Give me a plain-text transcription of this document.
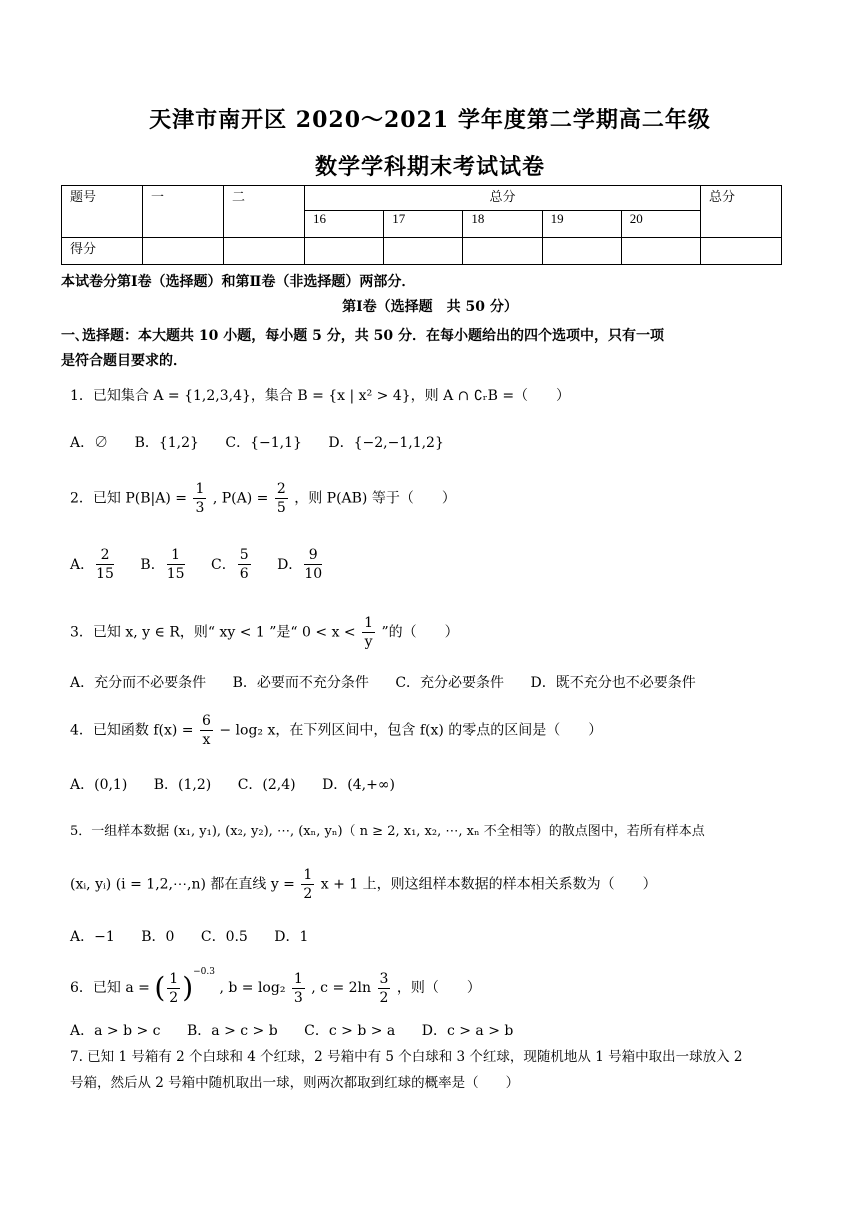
天津市南开区 2020～2021 学年度第二学期高二年级
数学学科期末考试试卷
题号	一	二	总分					总分
			16	17	18	19	20	
得分								
本试卷分第Ⅰ卷（选择题）和第Ⅱ卷（非选择题）两部分．
第Ⅰ卷（选择题　共 50 分）
一､选择题：本大题共 10 小题，每小题 5 分，共 50 分．在每小题给出的四个选项中，只有一项
是符合题目要求的．
1．已知集合 A = {1,2,3,4}，集合 B = {x | x² > 4}，则 A ∩ ∁ᵣB =（　　）
A．∅ B．{1,2} C．{−1,1} D．{−2,−1,1,2}
2．已知 $P(B|A) = \frac{1}{3}$ , $P(A) = \frac{2}{5}$ ，则 P(AB) 等于（　　）
A． $\frac{2}{15}$ B． $\frac{1}{15}$ C． $\frac{5}{6}$ D． $\frac{9}{10}$
3．已知 x, y ∈ R，则“ xy < 1 ”是“ $0 < x < \frac{1}{y}$ ”的（　　）
A．充分而不必要条件 B．必要而不充分条件 C．充分必要条件 D．既不充分也不必要条件
4．已知函数 $f(x) = \frac{6}{x} - \log_2$ x，在下列区间中，包含 f(x) 的零点的区间是（　　）
A．(0,1) B．(1,2) C．(2,4) D．(4,+∞)
5．一组样本数据 (x₁, y₁), (x₂, y₂), ⋯, (xₙ, yₙ)（ n ≥ 2, x₁, x₂, ⋯, xₙ 不全相等）的散点图中，若所有样本点
(xᵢ, yᵢ) (i = 1,2,⋯,n) 都在直线 $y = \frac{1}{2}$ x + 1 上，则这组样本数据的样本相关系数为（　　）
A．−1 B．0 C．0.5 D．1
6．已知 a = ( $\frac{1}{2} )^{-0.3}$ , $b = \log_2 \frac{1}{3}$ , $c = 2\ln \frac{3}{2}$ ，则（　　）
A．a > b > c B．a > c > b C．c > b > a D．c > a > b
7. 已知 1 号箱有 2 个白球和 4 个红球，2 号箱中有 5 个白球和 3 个红球，现随机地从 1 号箱中取出一球放入 2
号箱，然后从 2 号箱中随机取出一球，则两次都取到红球的概率是（　　）
